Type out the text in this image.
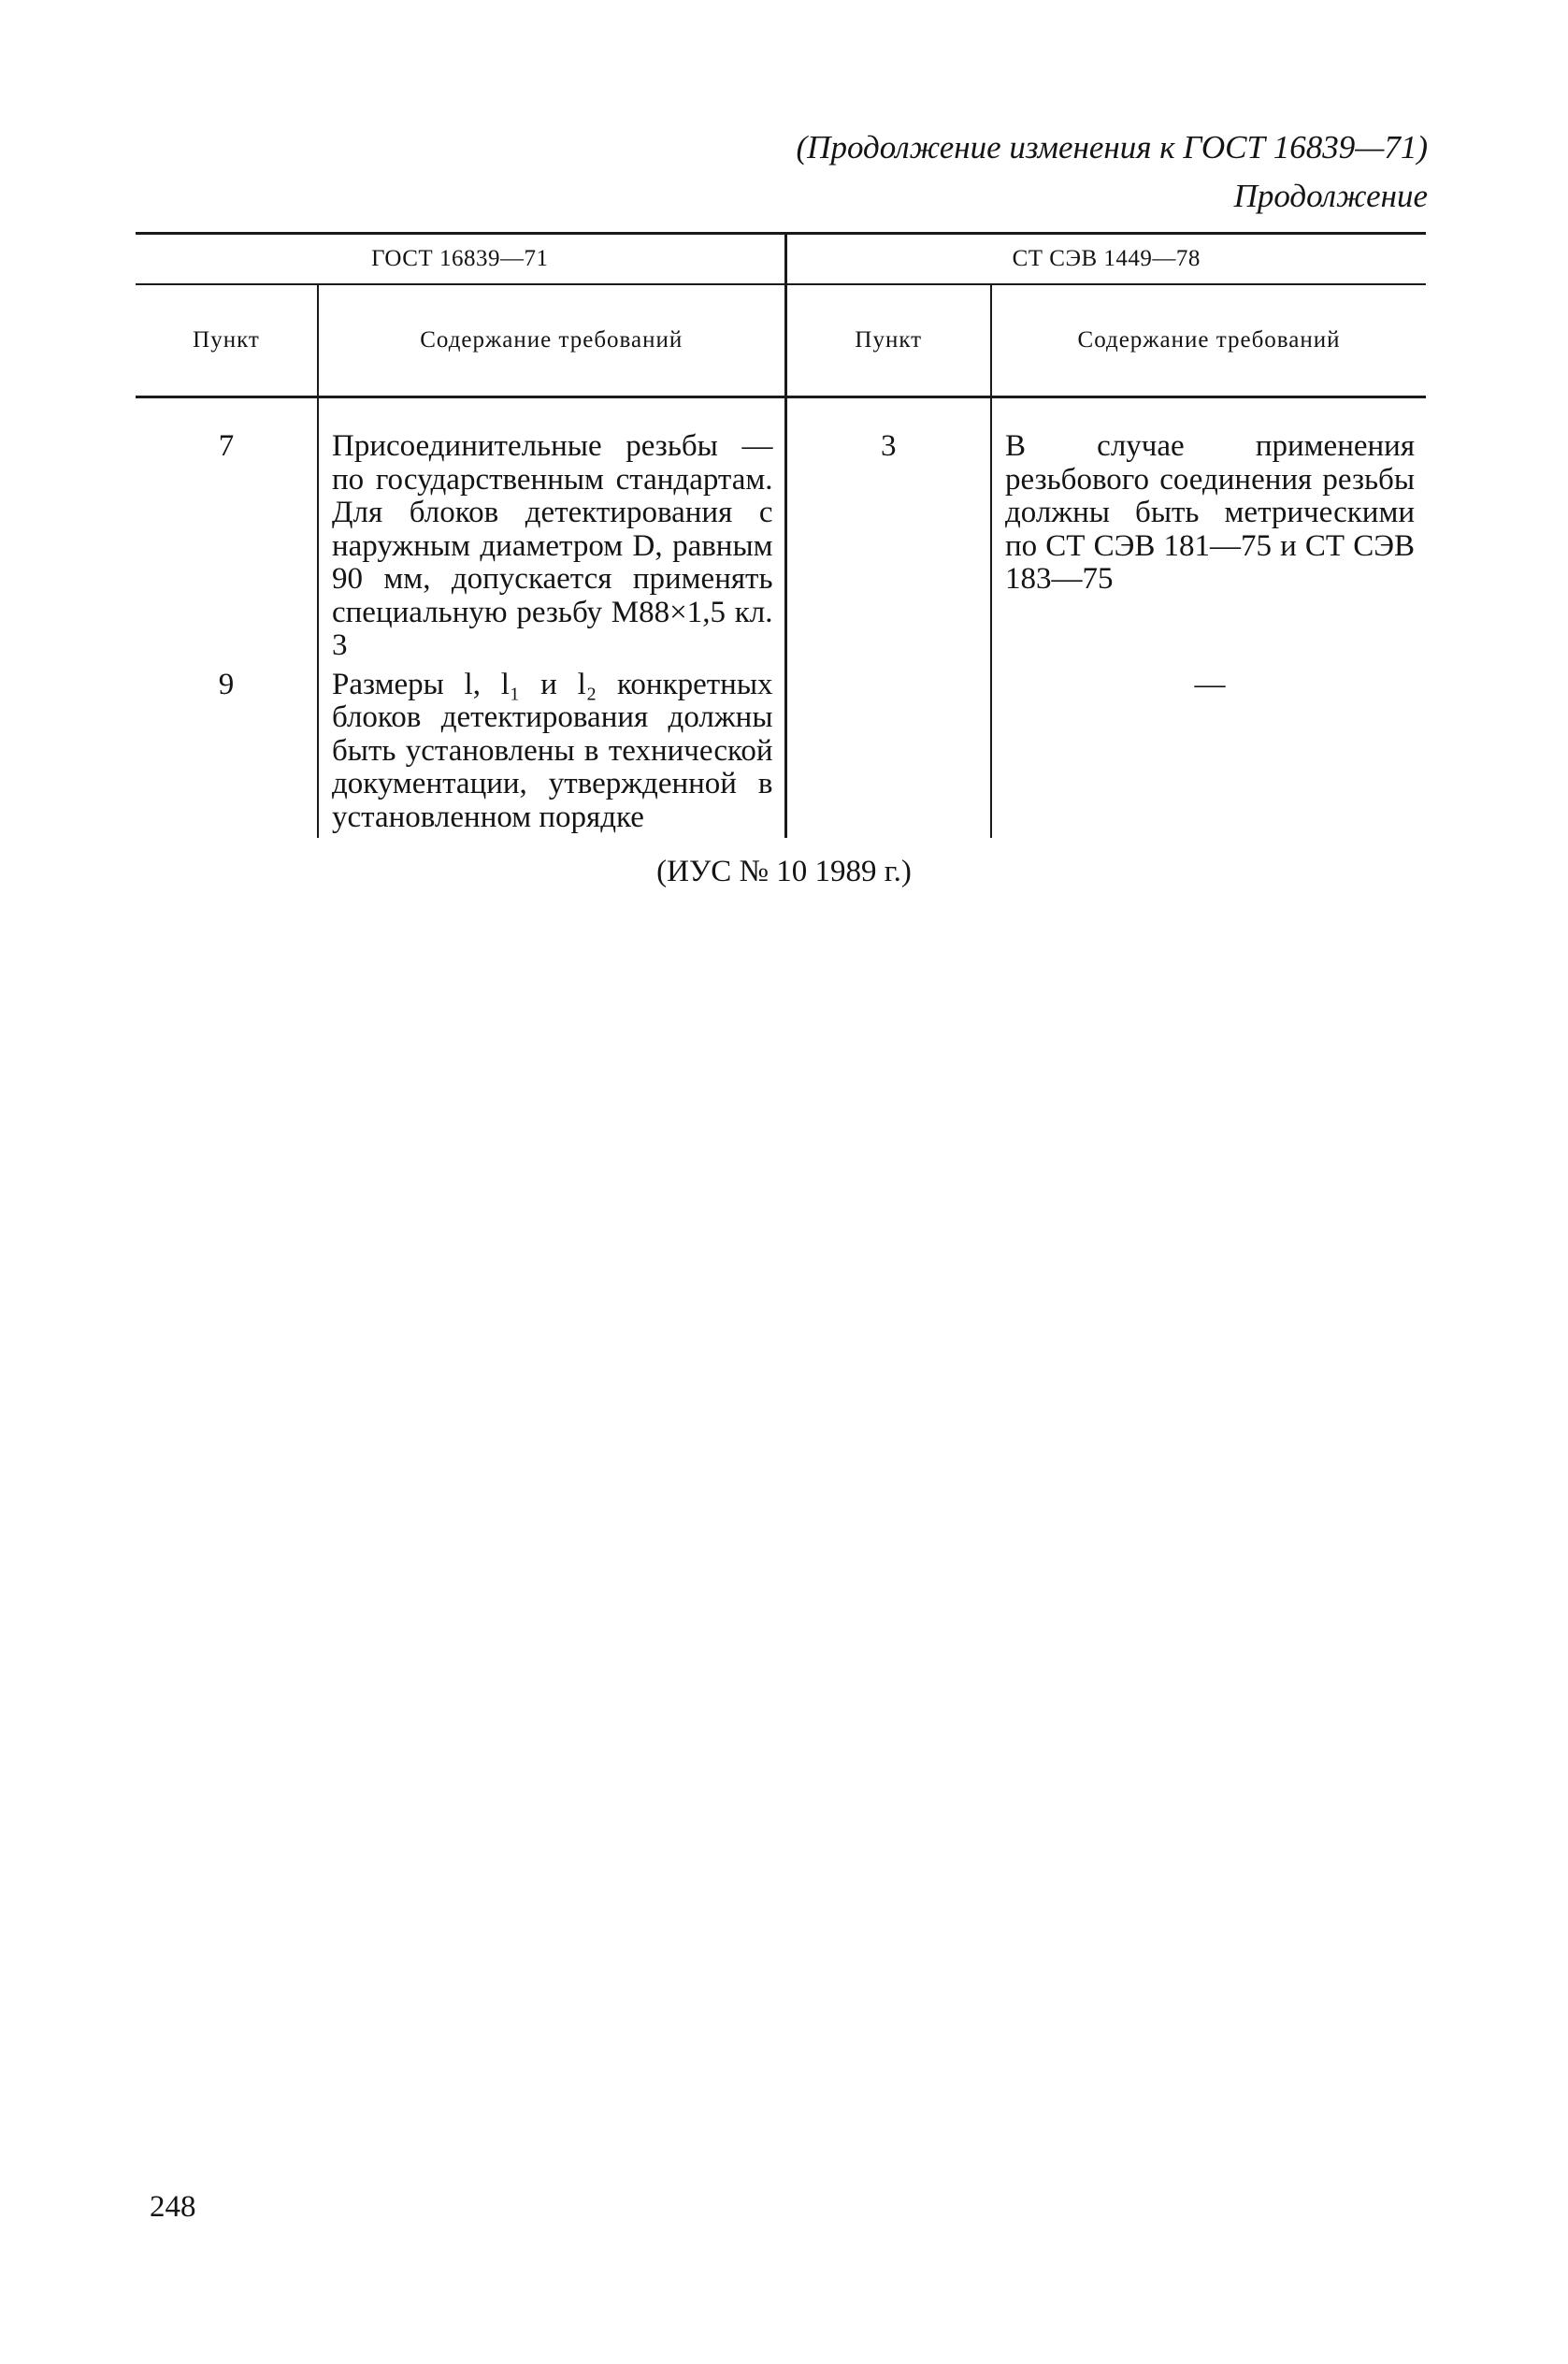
(Продолжение изменения к ГОСТ 16839—71)
Продолжение
ГОСТ 16839—71		СТ СЭВ 1449—78	
Пункт	Содержание требований	Пункт	Содержание требований
7	Присоединительные резьбы — по государственным стандартам. Для блоков детектирования с наружным диаметром D, равным 90 мм, допускается применять специальную резьбу М88×1,5 кл. 3	3	В случае применения резьбового соединения резьбы должны быть метрическими по СТ СЭВ 181—75 и СТ СЭВ 183—75

9	Размеры l, l₁ и l₂ конкретных блоков детектирования должны быть установлены в технической документации, утвержденной в установленном порядке		—
(ИУС № 10 1989 г.)
248
